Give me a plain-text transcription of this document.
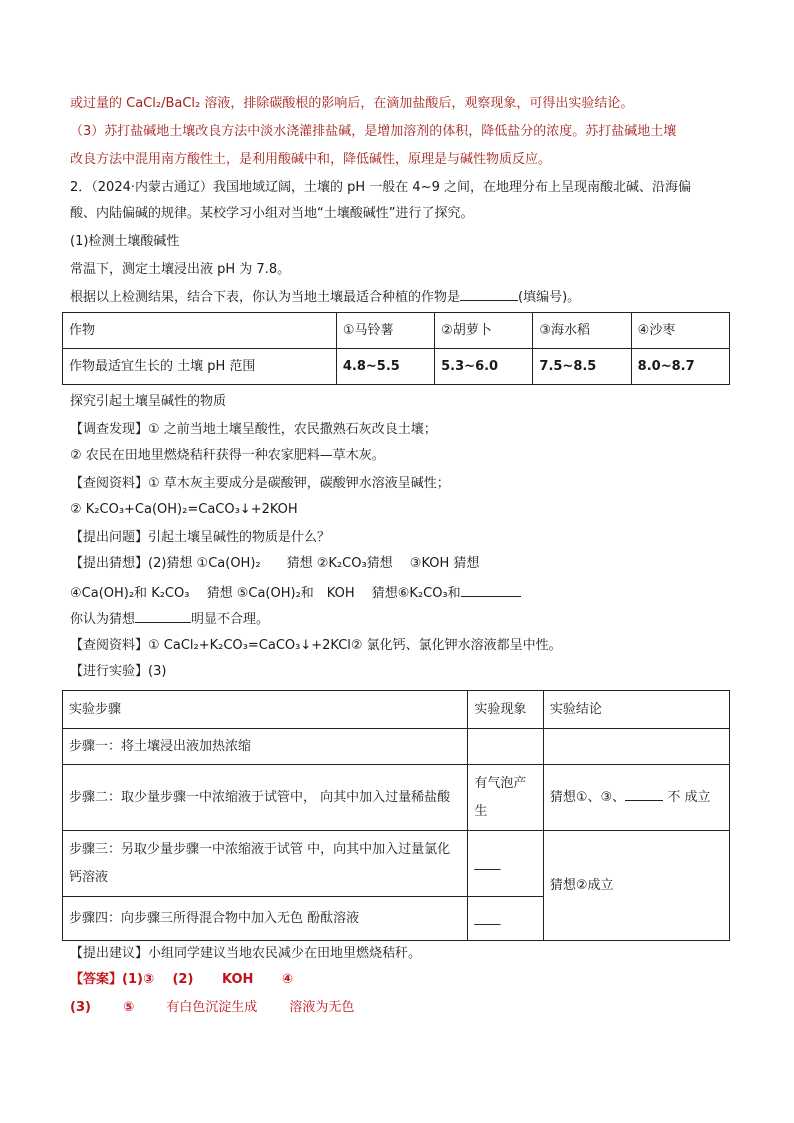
或过量的 CaCl₂/BaCl₂ 溶液，排除碳酸根的影响后，在滴加盐酸后，观察现象，可得出实验结论。
（3）苏打盐碱地土壤改良方法中淡水浇灌排盐碱，是增加溶剂的体积，降低盐分的浓度。苏打盐碱地土壤
改良方法中混用南方酸性土，是利用酸碱中和，降低碱性，原理是与碱性物质反应。
2．（2024·内蒙古通辽）我国地域辽阔，土壤的 pH 一般在 4~9 之间，在地理分布上呈现南酸北碱、沿海偏
酸、内陆偏碱的规律。某校学习小组对当地“土壤酸碱性”进行了探究。
(1)检测土壤酸碱性
常温下，测定土壤浸出液 pH 为 7.8。
根据以上检测结果，结合下表，你认为当地土壤最适合种植的作物是	(填编号)。
作物	①马铃薯	②胡萝卜	③海水稻	④沙枣
作物最适宜生长的 土壤 pH 范围	4.8~5.5	5.3~6.0	7.5~8.5	8.0~8.7
探究引起土壤呈碱性的物质
【调查发现】① 之前当地土壤呈酸性，农民撒熟石灰改良土壤；
② 农民在田地里燃烧秸秆获得一种农家肥料—草木灰。
【查阅资料】① 草木灰主要成分是碳酸钾，碳酸钾水溶液呈碱性；
② K₂CO₃+Ca(OH)₂=CaCO₃↓+2KOH
【提出问题】引起土壤呈碱性的物质是什么？
【提出猜想】(2)猜想 ①Ca(OH)₂　　猜想 ②K₂CO₃猜想　 ③KOH 猜想
④Ca(OH)₂和 K₂CO₃　 猜想 ⑤Ca(OH)₂和　KOH　 猜想⑥K₂CO₃和
你认为猜想	明显不合理。
【查阅资料】① CaCl₂+K₂CO₃=CaCO₃↓+2KCl② 氯化钙、氯化钾水溶液都呈中性。
【进行实验】(3)
实验步骤	实验现象	实验结论
步骤一：将土壤浸出液加热浓缩		
步骤二：取少量步骤一中浓缩液于试管中， 向其中加入过量稀盐酸	有气泡产生	猜想①、③、 不 成立
步骤三：另取少量步骤一中浓缩液于试管 中，向其中加入过量氯化钙溶液	____	猜想②成立
步骤四：向步骤三所得混合物中加入无色 酚酞溶液	____	
【提出建议】小组同学建议当地农民减少在田地里燃烧秸秆。
【答案】(1)③ (2) KOH ④
(3) ⑤ 有白色沉淀生成 溶液为无色
